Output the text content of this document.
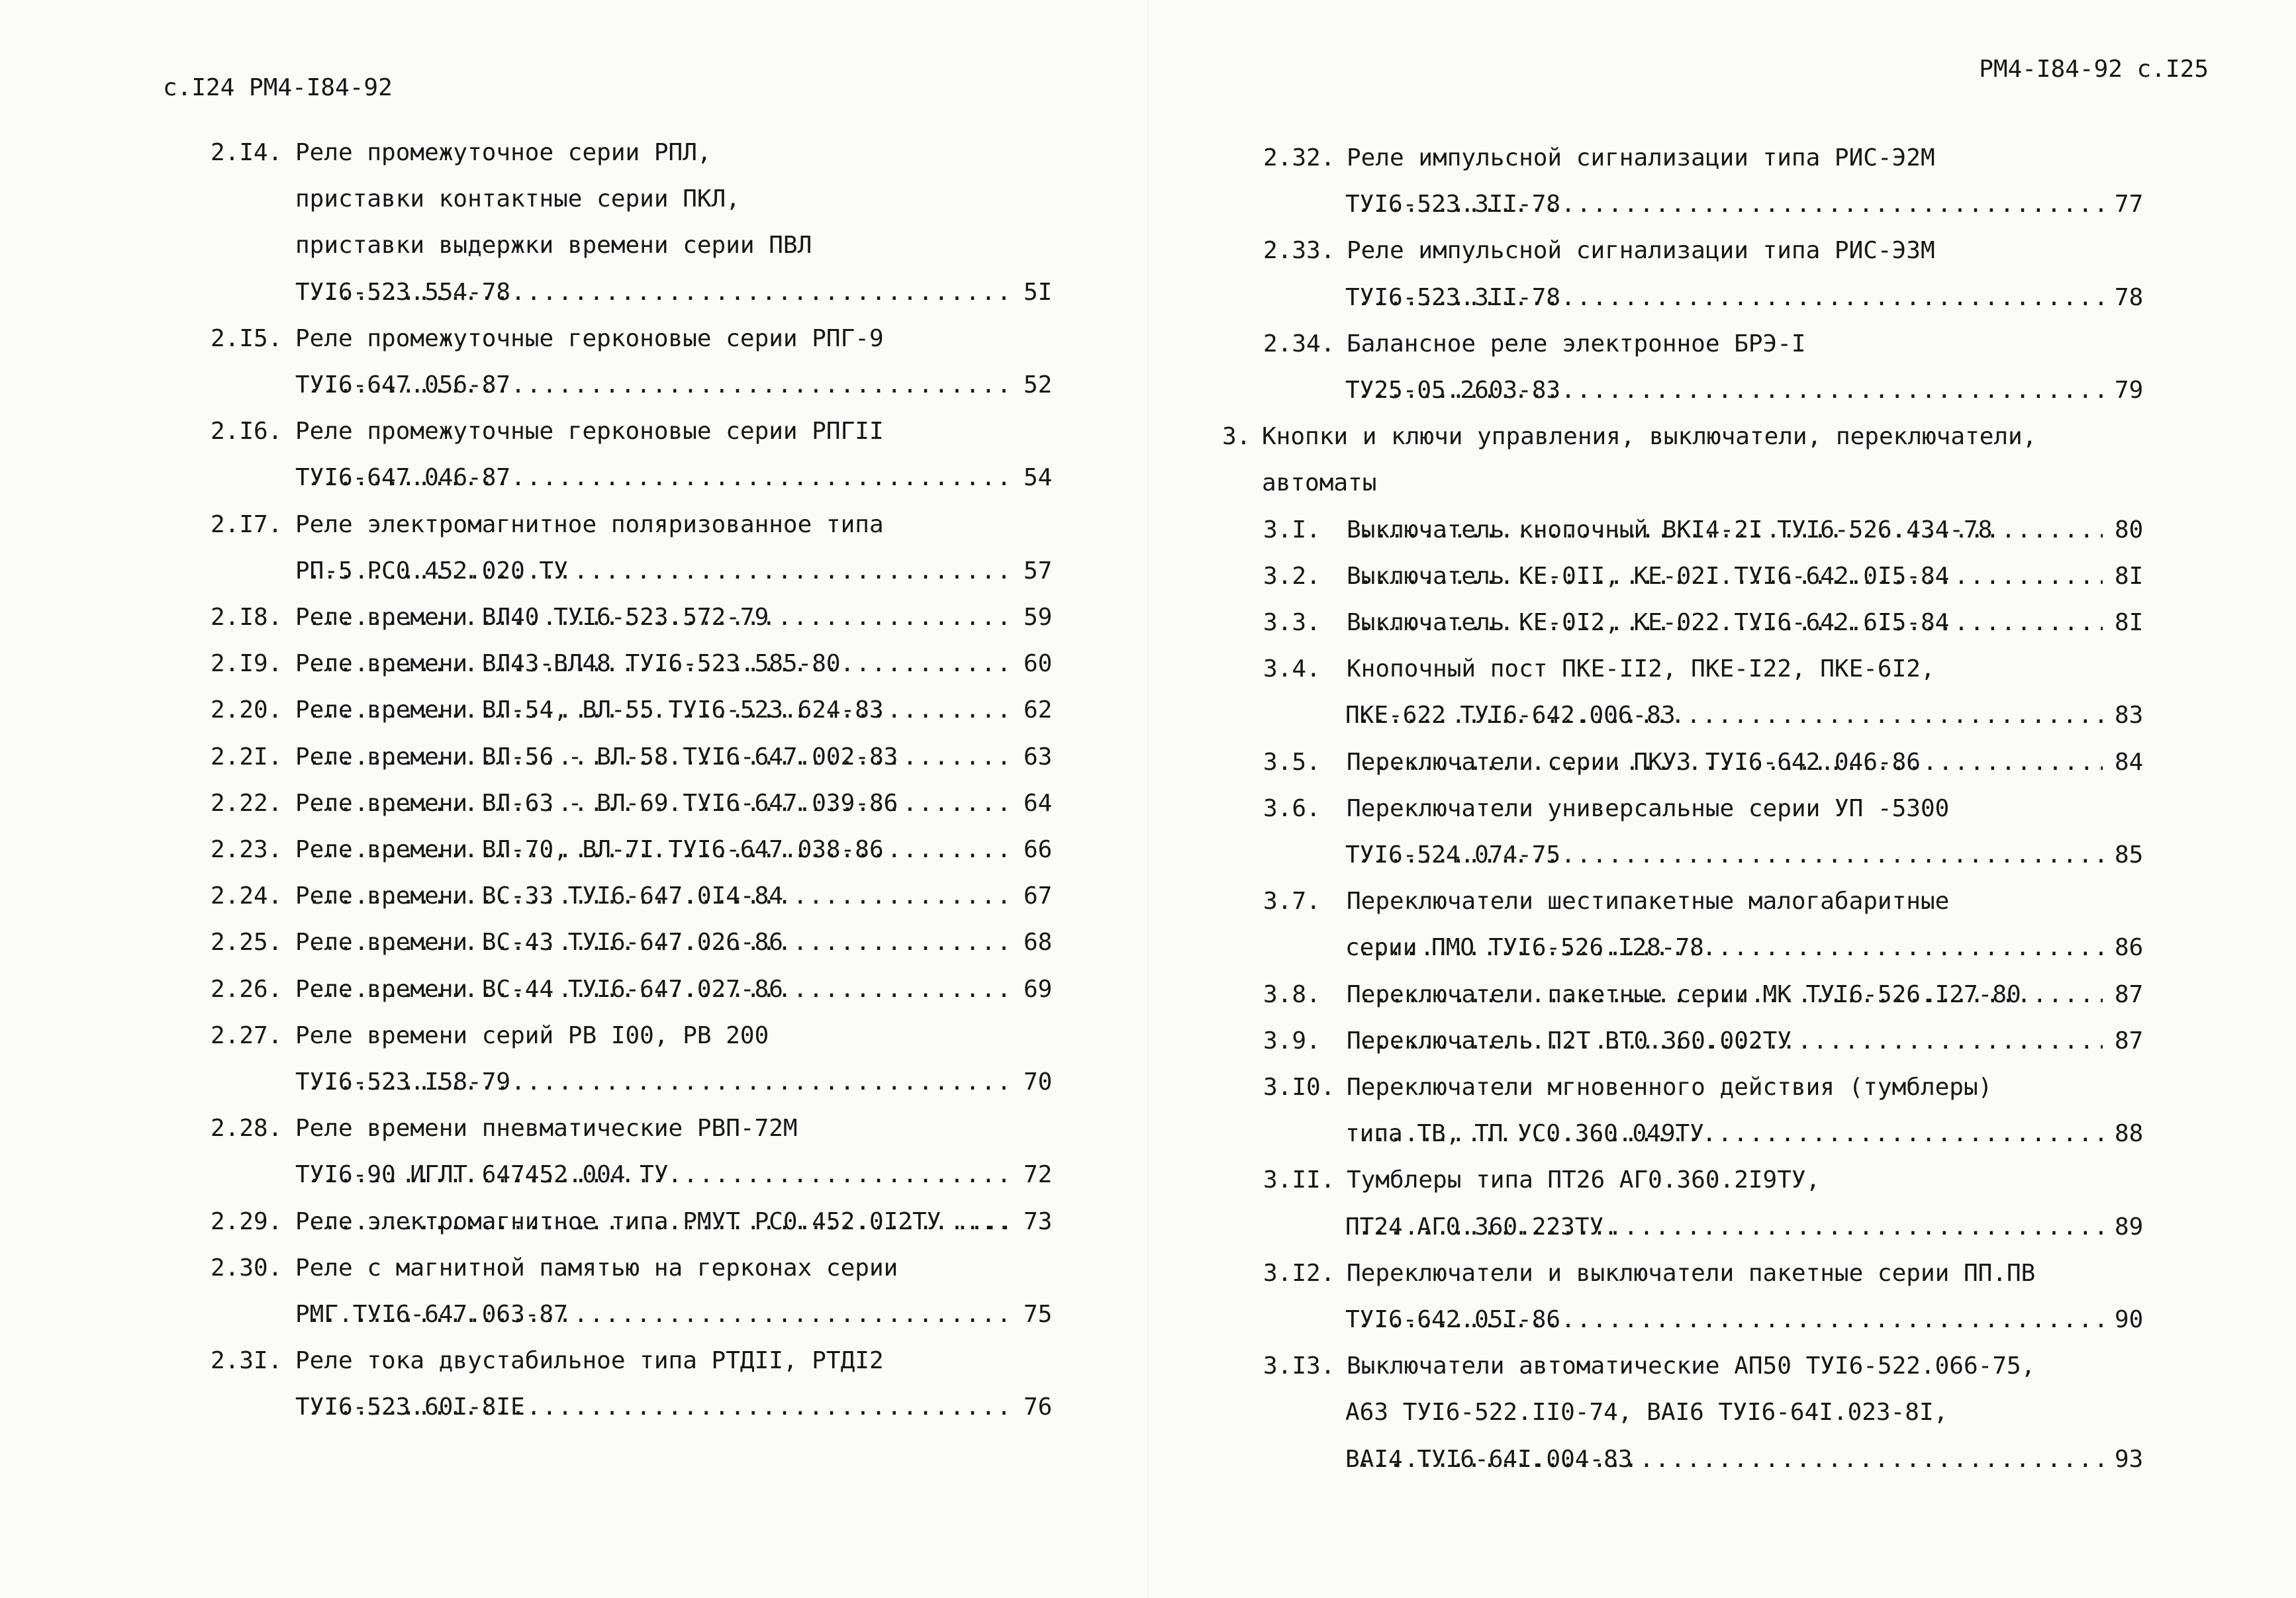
с.I24 РМ4-I84-92
2.I4. Реле промежуточное серии РПЛ,
приставки контактные серии ПКЛ,
приставки выдержки времени серии ПВЛ
ТУI6-523.554-78 .....	5I
2.I5. Реле промежуточные герконовые серии РПГ-9
ТУI6-647.056-87 .....	52
2.I6. Реле промежуточные герконовые серии РПГII
ТУI6-647.046-87 .....	54
2.I7. Реле электромагнитное поляризованное типа
РП-5 РС0.452.020 ТУ .....	57
2.I8. Реле времени ВЛ40 ТУI6-523.572-79 .....	59
2.I9. Реле времени ВЛ43-ВЛ48 ТУI6-523.585-80 .....	60
2.20. Реле времени ВЛ-54, ВЛ-55 ТУI6-523.624-83 .....	62
2.2I. Реле времени ВЛ-56 - ВЛ-58 ТУI6-647.002-83 .....	63
2.22. Реле времени ВЛ-63 - ВЛ-69 ТУI6-647.039-86 .....	64
2.23. Реле времени ВЛ-70, ВЛ-7I ТУI6-647.038-86 .....	66
2.24. Реле времени ВС-33 ТУI6-647.0I4-84 .....	67
2.25. Реле времени ВС-43 ТУI6-647.026-86 .....	68
2.26. Реле времени ВС-44 ТУI6-647.027-86 .....	69
2.27. Реле времени серий РВ I00, РВ 200
ТУI6-523.I58-79 .....	70
2.28. Реле времени пневматические РВП-72М
ТУI6-90 ИГЛТ 647452.004 ТУ .....	72
2.29. Реле электромагнитное типа РМУТ РС0.452.0I2ТУ .... ..... 73
2.30. Реле с магнитной памятью на герконах серии
РМГ ТУI6-647.063-87 .....	75
2.3I. Реле тока двустабильное типа РТДII, РТДI2
ТУI6-523.60I-8IЕ .....	76
РМ4-I84-92 с.I25
2.32. Реле импульсной сигнализации типа РИС-Э2М
ТУI6-523.3II-78 .....	77
2.33. Реле импульсной сигнализации типа РИС-Э3М
ТУI6-523.3II-78 .....	78
2.34. Балансное реле электронное БРЭ-I
ТУ25-05.2603-83 .....	79
3. Кнопки и ключи управления, выключатели, переключатели,
автоматы
3.I. Выключатель кнопочный ВКI4-2I ТУI6-526.434-78 .....	80
3.2. Выключатель КЕ-0II, КЕ-02I ТУI6-642.0I5-84 .....	8I
3.3. Выключатель КЕ-0I2, КЕ-022 ТУI6-642.6I5-84 .....	8I
3.4. Кнопочный пост ПКЕ-II2, ПКЕ-I22, ПКЕ-6I2,
ПКЕ-622 ТУI6-642.006-83 .....	83
3.5. Переключатели серии ПКУЗ ТУI6-642.046-86 .....	84
3.6. Переключатели универсальные серии УП -5300
ТУI6-524.074-75 .....	85
3.7. Переключатели шестипакетные малогабаритные
серии ПМО ТУI6-526.I28-78 .....	86
3.8. Переключатели пакетные серии МК ТУI6-526.I27-80 .....	87
3.9. Переключатель П2Т ВТ0.360.002ТУ .....	87
3.I0. Переключатели мгновенного действия (тумблеры)
типа ТВ, ТП УС0.360.049ТУ .....	88
3.II. Тумблеры типа ПТ26 АГ0.360.2I9ТУ,
ПТ24 АГ0.360.223ТУ. .....	89
3.I2. Переключатели и выключатели пакетные серии ПП.ПВ
ТУI6-642.05I-86 .....	90
3.I3. Выключатели автоматические АП50 ТУI6-522.066-75,
А63 ТУI6-522.II0-74, ВАI6 ТУI6-64I.023-8I,
ВАI4 ТУI6-64I.004-83 .....	93
